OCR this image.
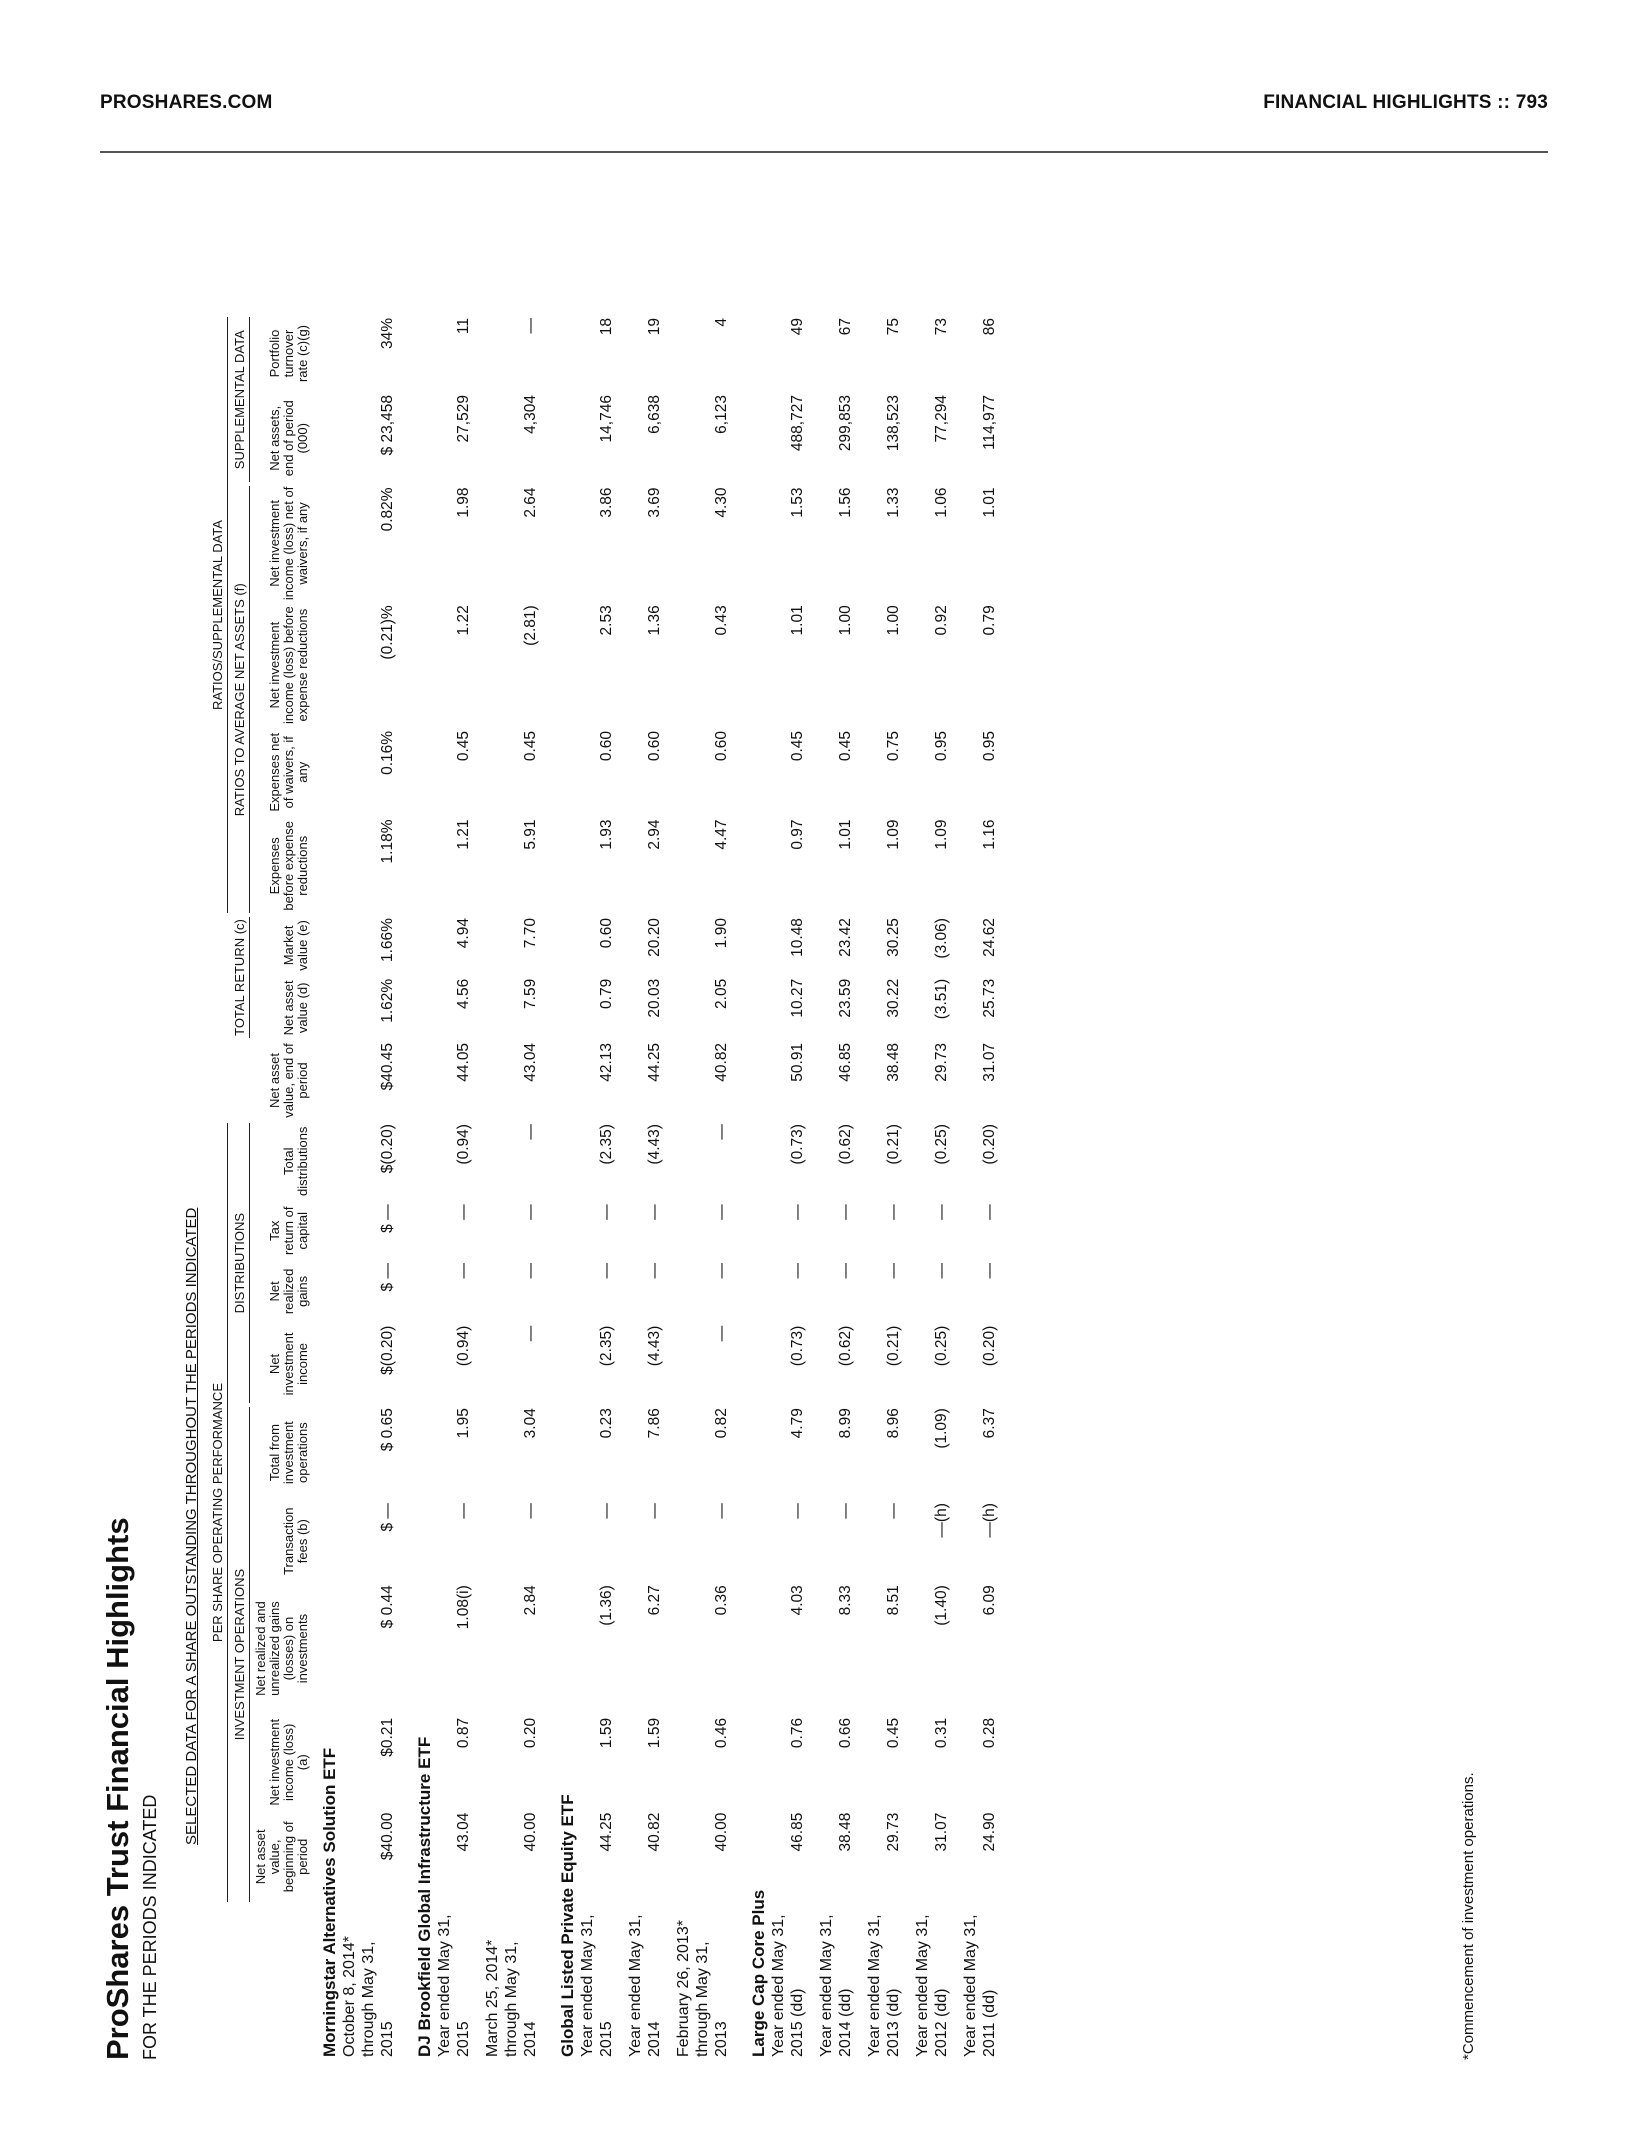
PROSHARES.COM	FINANCIAL HIGHLIGHTS :: 793
ProShares Trust Financial Highlights FOR THE PERIODS INDICATED
SELECTED DATA FOR A SHARE OUTSTANDING THROUGHOUT THE PERIODS INDICATED

	PER SHARE OPERATING PERFORMANCE												RATIOS/SUPPLEMENTAL DATA					

	INVESTMENT OPERATIONS					DISTRIBUTIONS					TOTAL RETURN (c)		RATIOS TO AVERAGE NET ASSETS (f)				SUPPLEMENTAL DATA	

	Net asset value, beginning of period	Net investment income (loss) (a)	Net realized and unrealized gains (losses) on investments	Transaction fees (b)	Total from investment operations	Net investment income	Net realized gains	Tax return of capital	Total distributions	Net asset value, end of period	Net asset value (d)	Market value (e)	Expenses before expense reductions	Expenses net of waivers, if any	Net investment income (loss) before expense reductions	Net investment income (loss) net of waivers, if any	Net assets, end of period (000)	Portfolio turnover rate (c)(g)
Morningstar Alternatives Solution ETF																		
October 8, 2014* through May 31, 2015	$40.00	$0.21	$ 0.44	$ —	$ 0.65	$(0.20)	$ —	$ —	$(0.20)	$40.45	1.62%	1.66%	1.18%	0.16%	(0.21)%	0.82%	$ 23,458	34%
DJ Brookfield Global Infrastructure ETF																		
Year ended May 31, 2015	43.04	0.87	1.08(i)	—	1.95	(0.94)	—	—	(0.94)	44.05	4.56	4.94	1.21	0.45	1.22	1.98	27,529	11
March 25, 2014* through May 31, 2014	40.00	0.20	2.84	—	3.04	—	—	—	—	43.04	7.59	7.70	5.91	0.45	(2.81)	2.64	4,304	—
Global Listed Private Equity ETF																		
Year ended May 31, 2015	44.25	1.59	(1.36)	—	0.23	(2.35)	—	—	(2.35)	42.13	0.79	0.60	1.93	0.60	2.53	3.86	14,746	18
Year ended May 31, 2014	40.82	1.59	6.27	—	7.86	(4.43)	—	—	(4.43)	44.25	20.03	20.20	2.94	0.60	1.36	3.69	6,638	19
February 26, 2013* through May 31, 2013	40.00	0.46	0.36	—	0.82	—	—	—	—	40.82	2.05	1.90	4.47	0.60	0.43	4.30	6,123	4
Large Cap Core Plus																		
Year ended May 31, 2015 (dd)	46.85	0.76	4.03	—	4.79	(0.73)	—	—	(0.73)	50.91	10.27	10.48	0.97	0.45	1.01	1.53	488,727	49
Year ended May 31, 2014 (dd)	38.48	0.66	8.33	—	8.99	(0.62)	—	—	(0.62)	46.85	23.59	23.42	1.01	0.45	1.00	1.56	299,853	67
Year ended May 31, 2013 (dd)	29.73	0.45	8.51	—	8.96	(0.21)	—	—	(0.21)	38.48	30.22	30.25	1.09	0.75	1.00	1.33	138,523	75
Year ended May 31, 2012 (dd)	31.07	0.31	(1.40)	—(h)	(1.09)	(0.25)	—	—	(0.25)	29.73	(3.51)	(3.06)	1.09	0.95	0.92	1.06	77,294	73
Year ended May 31, 2011 (dd)	24.90	0.28	6.09	—(h)	6.37	(0.20)	—	—	(0.20)	31.07	25.73	24.62	1.16	0.95	0.79	1.01	114,977	86
*Commencement of investment operations.
